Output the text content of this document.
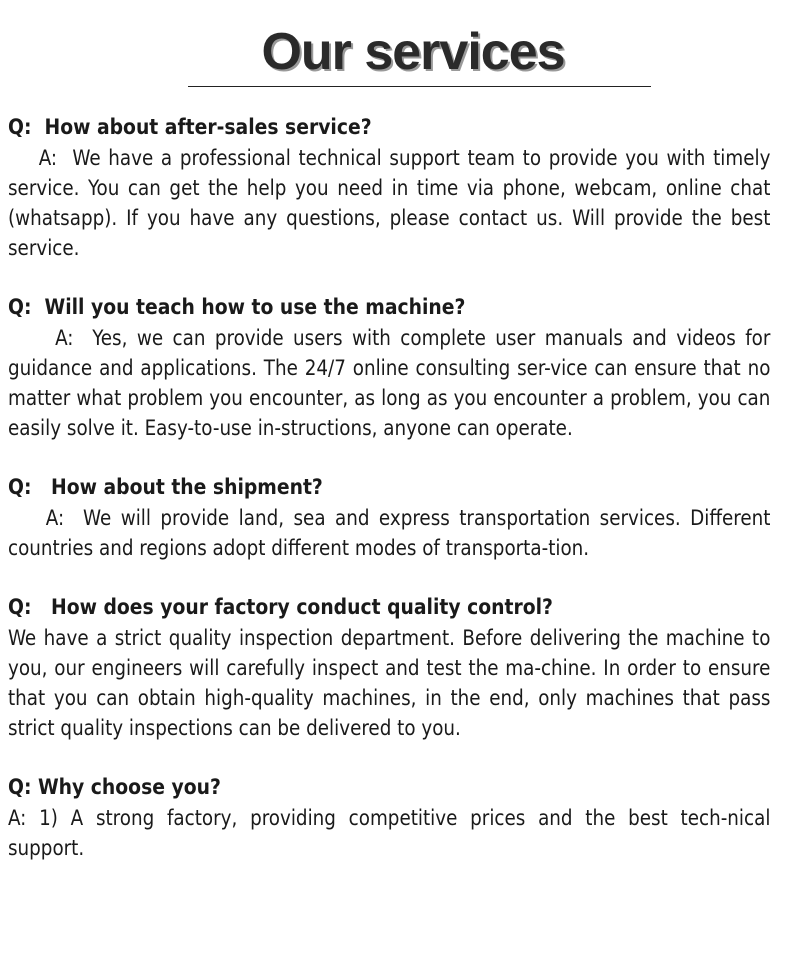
Our services
Q:  How about after-sales service?

A:  We have a professional technical support team to provide you with timely service. You can get the help you need in time via phone, webcam, online chat (whatsapp). If you have any questions, please contact us. Will provide the best service.

Q:  Will you teach how to use the machine?

A:  Yes, we can provide users with complete user manuals and videos for guidance and applications. The 24/7 online consulting ser-vice can ensure that no matter what problem you encounter, as long as you encounter a problem, you can easily solve it. Easy-to-use in-structions, anyone can operate.

Q:   How about the shipment?

A:  We will provide land, sea and express transportation services. Different countries and regions adopt different modes of transporta-tion.

Q:   How does your factory conduct quality control?

We have a strict quality inspection department. Before delivering the machine to you, our engineers will carefully inspect and test the ma-chine. In order to ensure that you can obtain high-quality machines, in the end, only machines that pass strict quality inspections can be delivered to you.

Q: Why choose you?

A: 1) A strong factory, providing competitive prices and the best tech-nical support.
